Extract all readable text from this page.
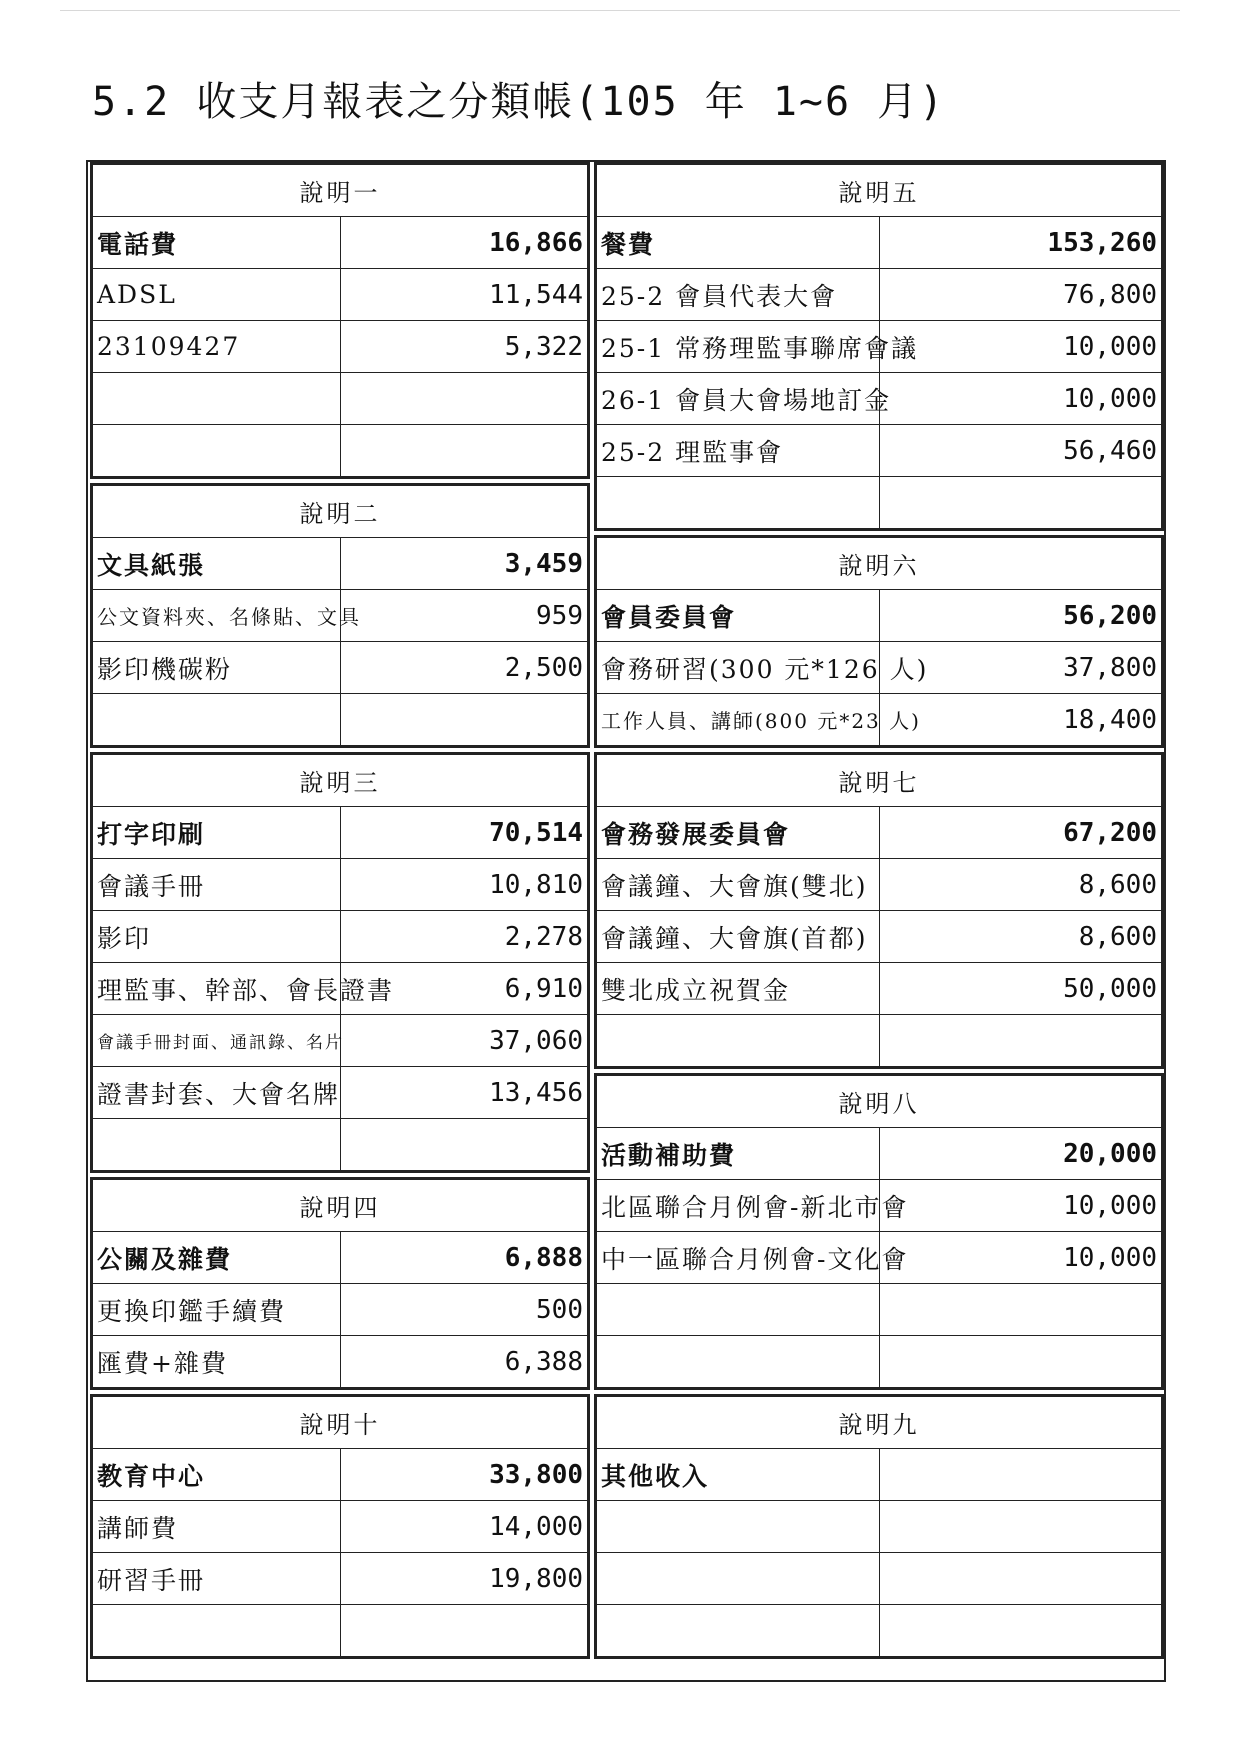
5.2 收支月報表之分類帳(105 年 1~6 月)
說明一	
電話費	16,866
ADSL	11,544
23109427	5,322

說明二	
文具紙張	3,459
公文資料夾、名條貼、文具	959
影印機碳粉	2,500

說明三	
打字印刷	70,514
會議手冊	10,810
影印	2,278
理監事、幹部、會長證書	6,910
會議手冊封面、通訊錄、名片	37,060
證書封套、大會名牌	13,456

說明四	
公關及雜費	6,888
更換印鑑手續費	500
匯費+雜費	6,388
說明十	
教育中心	33,800
講師費	14,000
研習手冊	19,800

說明五	
餐費	153,260
25-2 會員代表大會	76,800
25-1 常務理監事聯席會議	10,000
26-1 會員大會場地訂金	10,000
25-2 理監事會	56,460

說明六	
會員委員會	56,200
會務研習(300 元*126 人)	37,800
工作人員、講師(800 元*23 人)	18,400
說明七	
會務發展委員會	67,200
會議鐘、大會旗(雙北)	8,600
會議鐘、大會旗(首都)	8,600
雙北成立祝賀金	50,000

說明八	
活動補助費	20,000
北區聯合月例會-新北市會	10,000
中一區聯合月例會-文化會	10,000

說明九	
其他收入	
